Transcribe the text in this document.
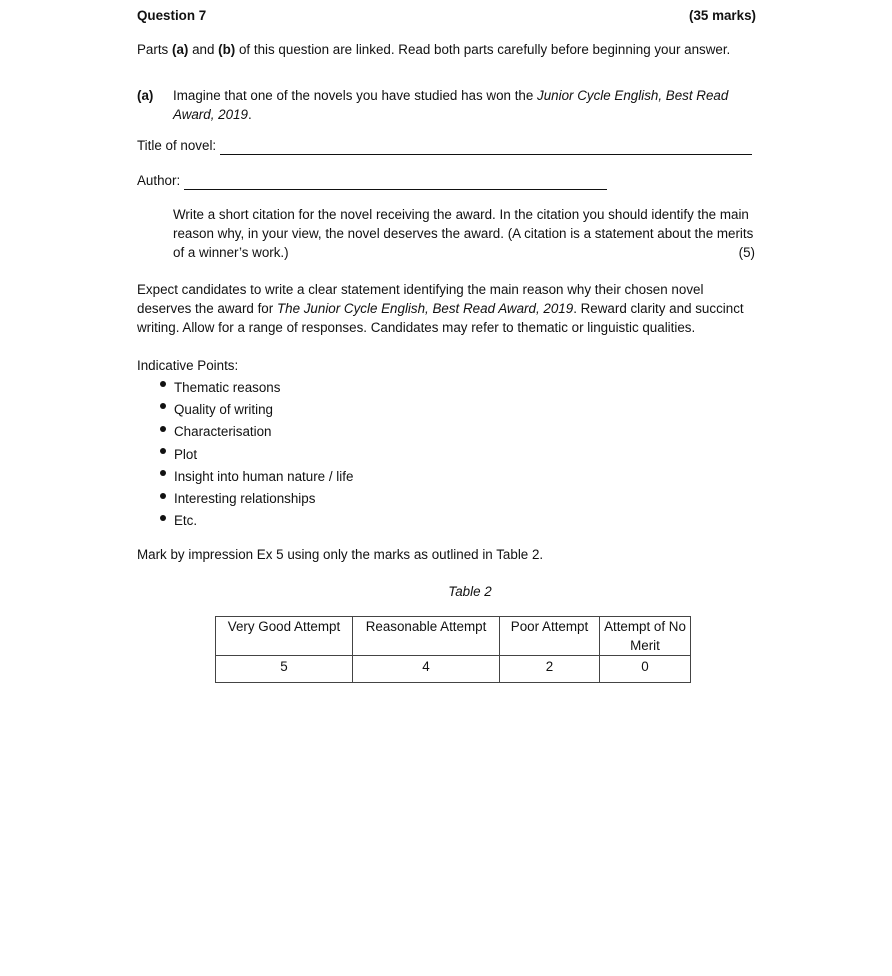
Question 7	(35 marks)

Parts (a) and (b) of this question are linked. Read both parts carefully before beginning your answer.

(a) Imagine that one of the novels you have studied has won the Junior Cycle English, Best Read Award, 2019.

Title of novel:
Author:
Write a short citation for the novel receiving the award. In the citation you should identify the main reason why, in your view, the novel deserves the award. (A citation is a statement about the merits of a winner’s work.)	(5)

Expect candidates to write a clear statement identifying the main reason why their chosen novel deserves the award for The Junior Cycle English, Best Read Award, 2019. Reward clarity and succinct writing. Allow for a range of responses. Candidates may refer to thematic or linguistic qualities.

Indicative Points:
Thematic reasons
Quality of writing
Characterisation
Plot
Insight into human nature / life
Interesting relationships
Etc.
Mark by impression Ex 5 using only the marks as outlined in Table 2.
Table 2
Very Good Attempt	Reasonable Attempt	Poor Attempt	Attempt of No Merit
5	4	2	0
